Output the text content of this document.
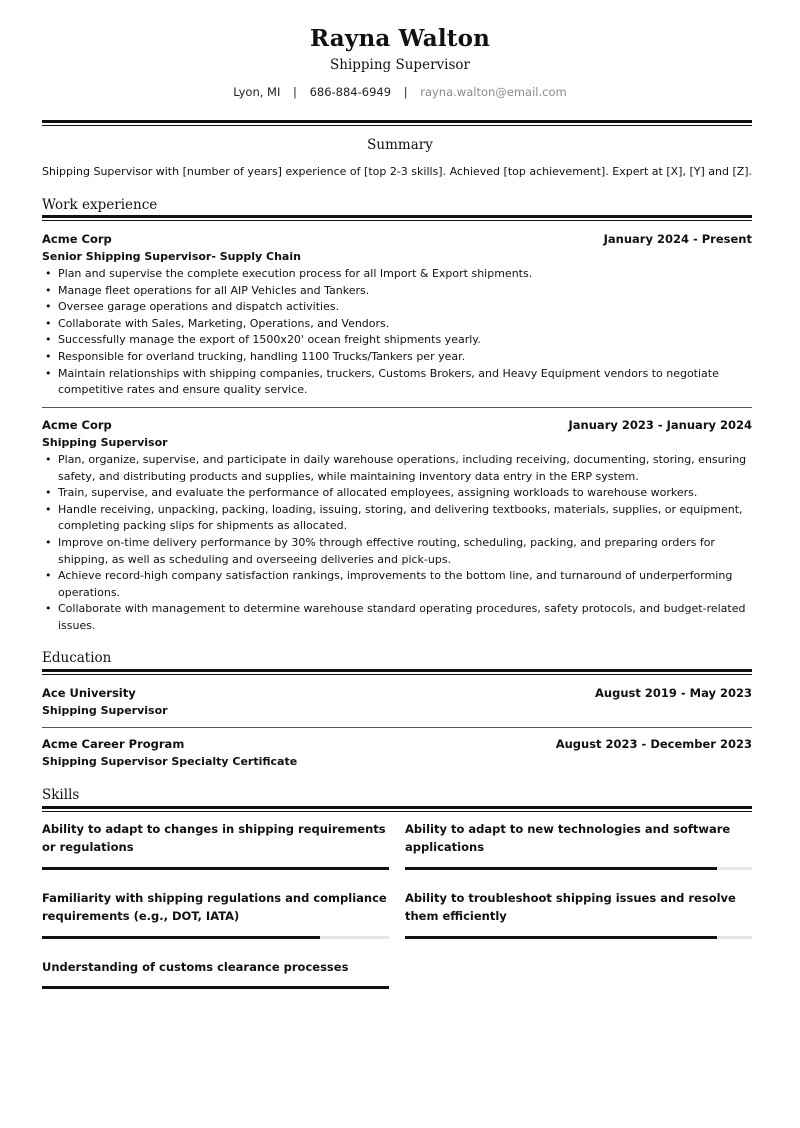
Rayna Walton
Shipping Supervisor
Lyon, MI | 686-884-6949 | rayna.walton@email.com
Summary
Shipping Supervisor with [number of years] experience of [top 2-3 skills]. Achieved [top achievement]. Expert at [X], [Y] and [Z].
Work experience
Acme Corp	January 2024 - Present
Senior Shipping Supervisor- Supply Chain
• Plan and supervise the complete execution process for all Import & Export shipments.
• Manage fleet operations for all AIP Vehicles and Tankers.
• Oversee garage operations and dispatch activities.
• Collaborate with Sales, Marketing, Operations, and Vendors.
• Successfully manage the export of 1500x20' ocean freight shipments yearly.
• Responsible for overland trucking, handling 1100 Trucks/Tankers per year.
• Maintain relationships with shipping companies, truckers, Customs Brokers, and Heavy Equipment vendors to negotiate competitive rates and ensure quality service.
Acme Corp	January 2023 - January 2024
Shipping Supervisor
• Plan, organize, supervise, and participate in daily warehouse operations, including receiving, documenting, storing, ensuring safety, and distributing products and supplies, while maintaining inventory data entry in the ERP system.
• Train, supervise, and evaluate the performance of allocated employees, assigning workloads to warehouse workers.
• Handle receiving, unpacking, packing, loading, issuing, storing, and delivering textbooks, materials, supplies, or equipment, completing packing slips for shipments as allocated.
• Improve on-time delivery performance by 30% through effective routing, scheduling, packing, and preparing orders for shipping, as well as scheduling and overseeing deliveries and pick-ups.
• Achieve record-high company satisfaction rankings, improvements to the bottom line, and turnaround of underperforming operations.
• Collaborate with management to determine warehouse standard operating procedures, safety protocols, and budget-related issues.
Education
Ace University	August 2019 - May 2023
Shipping Supervisor
Acme Career Program	August 2023 - December 2023
Shipping Supervisor Specialty Certificate
Skills
Ability to adapt to changes in shipping requirements or regulations
Ability to adapt to new technologies and software applications
Familiarity with shipping regulations and compliance requirements (e.g., DOT, IATA)
Ability to troubleshoot shipping issues and resolve them efficiently
Understanding of customs clearance processes
